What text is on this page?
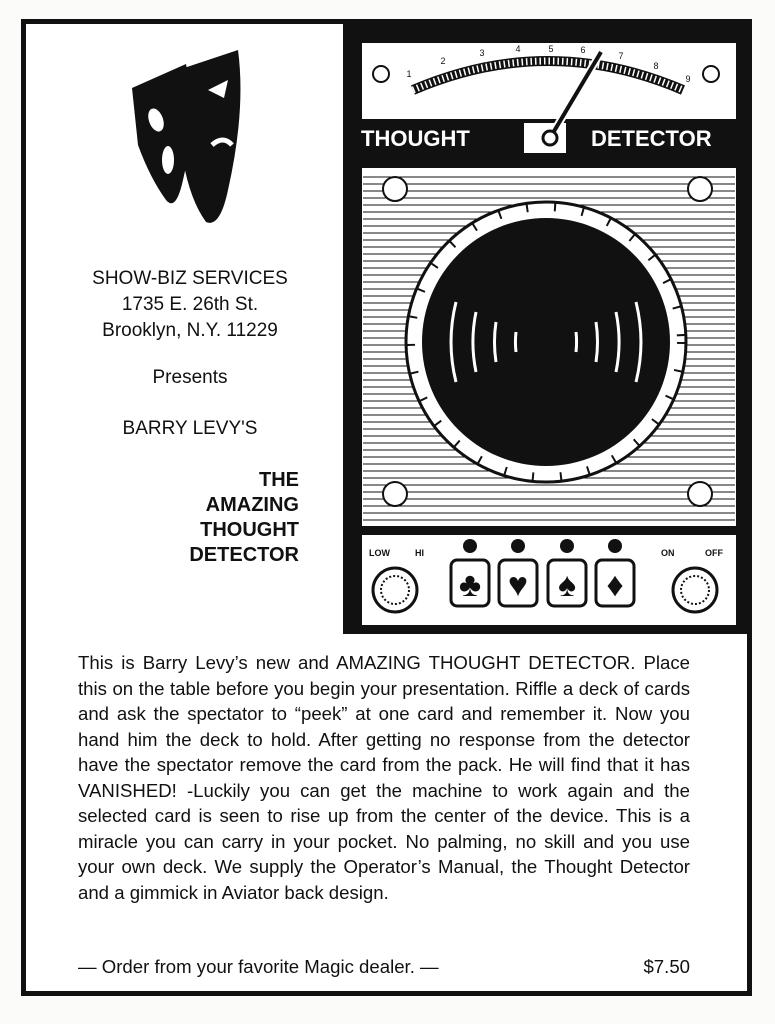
SHOW-BIZ SERVICES
1735 E. 26th St.
Brooklyn, N.Y. 11229
Presents
BARRY LEVY'S
THE
AMAZING
THOUGHT
DETECTOR
1
2
3	4	5	6
7
8
9
THOUGHT	DETECTOR
LOW	HI	ON	OFF
♣ ♥ ♠ ♦

This is Barry Levy’s new and AMAZING THOUGHT DETECTOR. Place this on the table before you begin your presentation. Riffle a deck of cards and ask the spectator to “peek” at one card and remember it. Now you hand him the deck to hold. After getting no response from the detector have the spectator remove the card from the pack. He will find that it has VANISHED! -Luckily you can get the machine to work again and the selected card is seen to rise up from the center of the device. This is a miracle you can carry in your pocket. No palming, no skill and you use your own deck. We supply the Operator’s Manual, the Thought Detector and a gimmick in Aviator back design.

— Order from your favorite Magic dealer. —	$7.50
